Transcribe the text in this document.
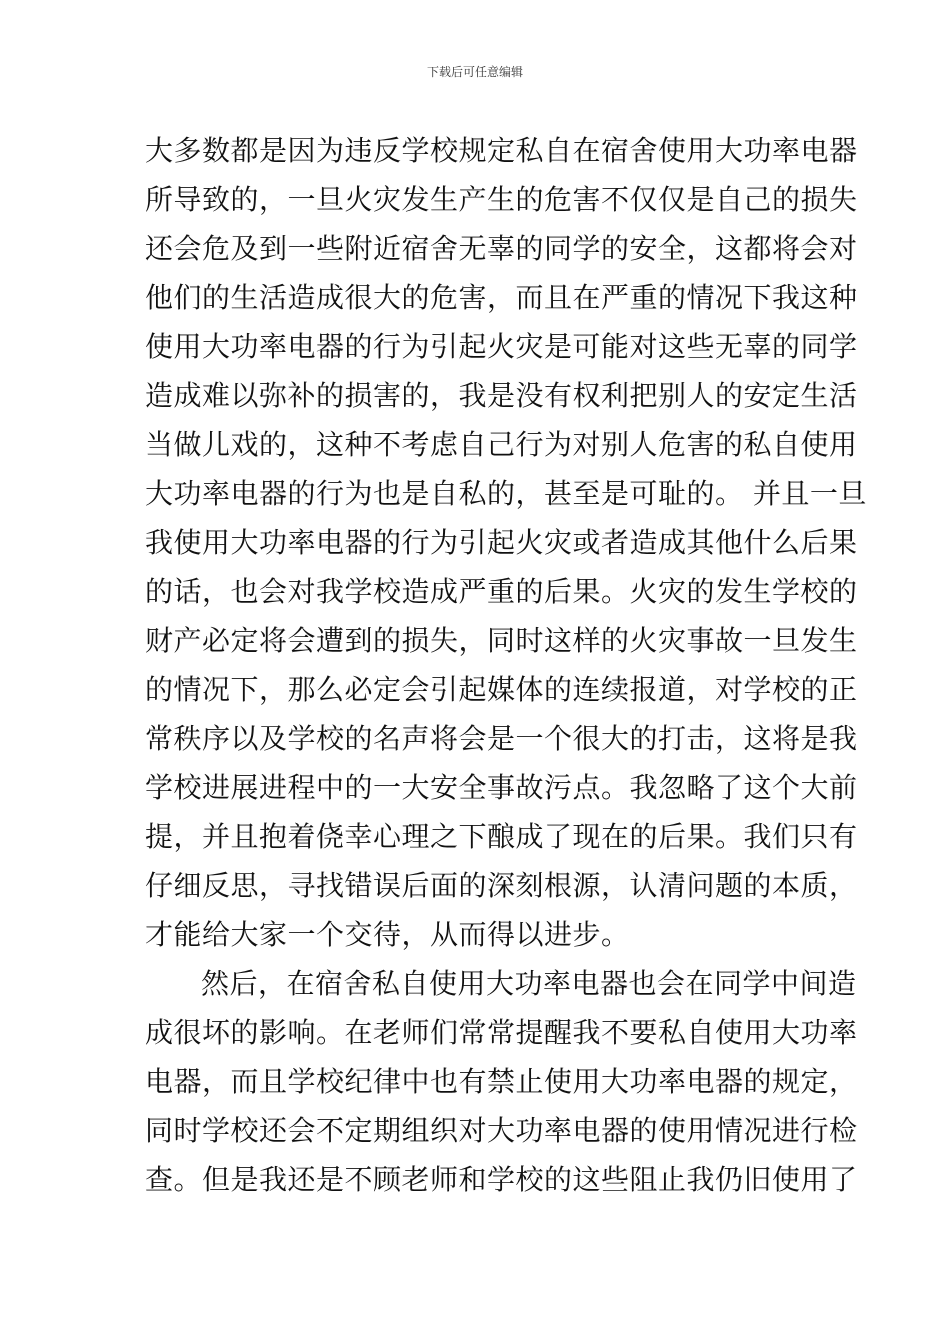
下载后可任意编辑
大多数都是因为违反学校规定私自在宿舍使用大功率电器
所导致的，一旦火灾发生产生的危害不仅仅是自己的损失
还会危及到一些附近宿舍无辜的同学的安全，这都将会对
他们的生活造成很大的危害，而且在严重的情况下我这种
使用大功率电器的行为引起火灾是可能对这些无辜的同学
造成难以弥补的损害的，我是没有权利把别人的安定生活
当做儿戏的，这种不考虑自己行为对别人危害的私自使用
大功率电器的行为也是自私的，甚至是可耻的。 并且一旦
我使用大功率电器的行为引起火灾或者造成其他什么后果
的话，也会对我学校造成严重的后果。火灾的发生学校的
财产必定将会遭到的损失，同时这样的火灾事故一旦发生
的情况下，那么必定会引起媒体的连续报道，对学校的正
常秩序以及学校的名声将会是一个很大的打击，这将是我
学校进展进程中的一大安全事故污点。我忽略了这个大前
提，并且抱着侥幸心理之下酿成了现在的后果。我们只有
仔细反思，寻找错误后面的深刻根源，认清问题的本质，
才能给大家一个交待，从而得以进步。
然后，在宿舍私自使用大功率电器也会在同学中间造
成很坏的影响。在老师们常常提醒我不要私自使用大功率
电器，而且学校纪律中也有禁止使用大功率电器的规定，
同时学校还会不定期组织对大功率电器的使用情况进行检
查。但是我还是不顾老师和学校的这些阻止我仍旧使用了
